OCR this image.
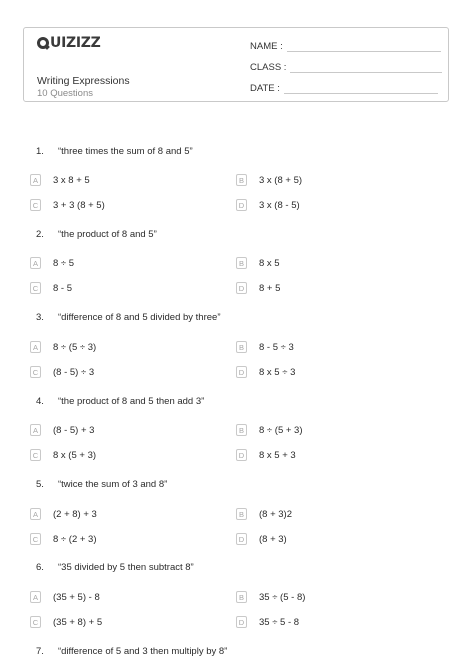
UIZIZZ
Writing Expressions
10 Questions
NAME :
CLASS :
DATE :
1. “three times the sum of 8 and 5”
A	3 x 8 + 5	B	3 x (8 + 5)
C 3 + 3 (8 + 5)	D 3 x (8 - 5)
2. “the product of 8 and 5”
A	8 ÷ 5	B	8 x 5
C 8 - 5	D 8 + 5
3. “difference of 8 and 5 divided by three”
A	8 ÷ (5 ÷ 3)	B	8 - 5 ÷ 3
C (8 - 5) ÷ 3	D 8 x 5 ÷ 3
4. “the product of 8 and 5 then add 3”
A	(8 - 5) + 3	B	8 ÷ (5 + 3)
C 8 x (5 + 3)	D 8 x 5 + 3
5. “twice the sum of 3 and 8”
A	(2 + 8) + 3	B	(8 + 3)2
C 8 ÷ (2 + 3)	D (8 + 3)
6. “35 divided by 5 then subtract 8”
A	(35 + 5) - 8	B	35 ÷ (5 - 8)
C (35 + 8) + 5	D 35 ÷ 5 - 8
7. “difference of 5 and 3 then multiply by 8”
